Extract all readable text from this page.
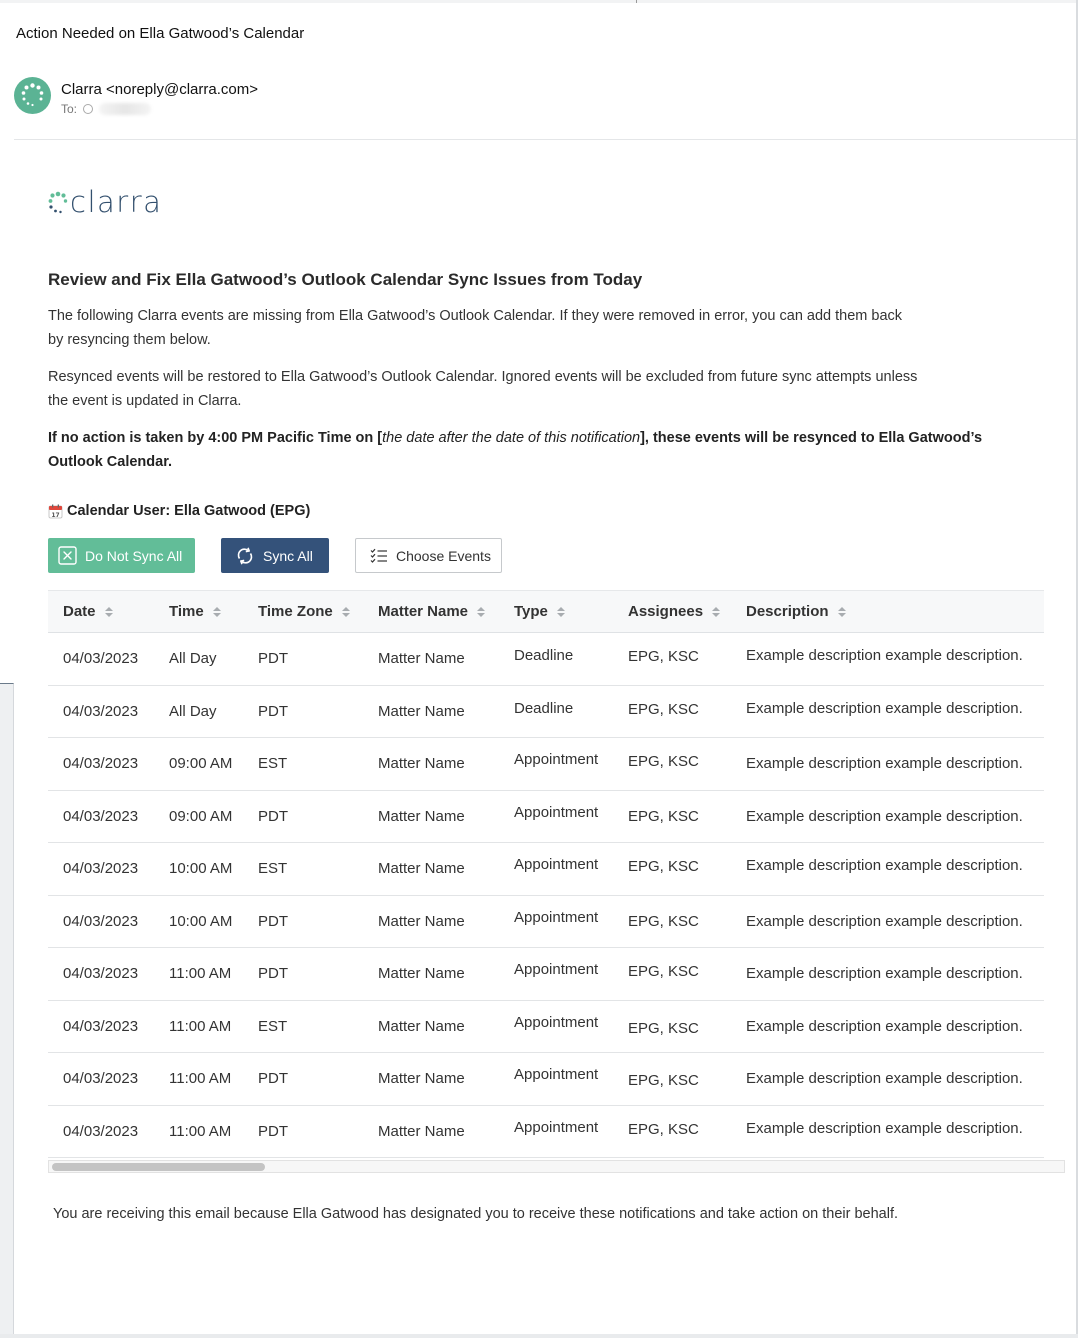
Action Needed on Ella Gatwood’s Calendar
Clarra <noreply@clarra.com>
To:
clarra
Review and Fix Ella Gatwood’s Outlook Calendar Sync Issues from Today
The following Clarra events are missing from Ella Gatwood’s Outlook Calendar. If they were removed in error, you can add them back by resyncing them below.
Resynced events will be restored to Ella Gatwood’s Outlook Calendar. Ignored events will be excluded from future sync attempts unless the event is updated in Clarra.
If no action is taken by 4:00 PM Pacific Time on [the date after the date of this notification], these events will be resynced to Ella Gatwood’s Outlook Calendar.
17 Calendar User: Ella Gatwood (EPG)
Do Not Sync All	Sync All	Choose Events
Date	Time	Time Zone	Matter Name	Type	Assignees	Description
04/03/2023 All Day	PDT	Matter Name	Deadline	EPG, KSC	Example description example description.
04/03/2023 All Day	PDT	Matter Name	Deadline	EPG, KSC	Example description example description.
04/03/2023 09:00 AM EST	Matter Name	Appointment EPG, KSC	Example description example description.
04/03/2023 09:00 AM PDT	Matter Name	Appointment EPG, KSC	Example description example description.
04/03/2023 10:00 AM EST	Matter Name	Appointment EPG, KSC	Example description example description.
04/03/2023 10:00 AM PDT	Matter Name	Appointment EPG, KSC	Example description example description.
04/03/2023 11:00 AM PDT	Matter Name	Appointment EPG, KSC	Example description example description.
04/03/2023 11:00 AM EST	Matter Name	Appointment EPG, KSC	Example description example description.
04/03/2023 11:00 AM PDT	Matter Name	Appointment EPG, KSC	Example description example description.
04/03/2023 11:00 AM PDT	Matter Name	Appointment EPG, KSC	Example description example description.
You are receiving this email because Ella Gatwood has designated you to receive these notifications and take action on their behalf.
